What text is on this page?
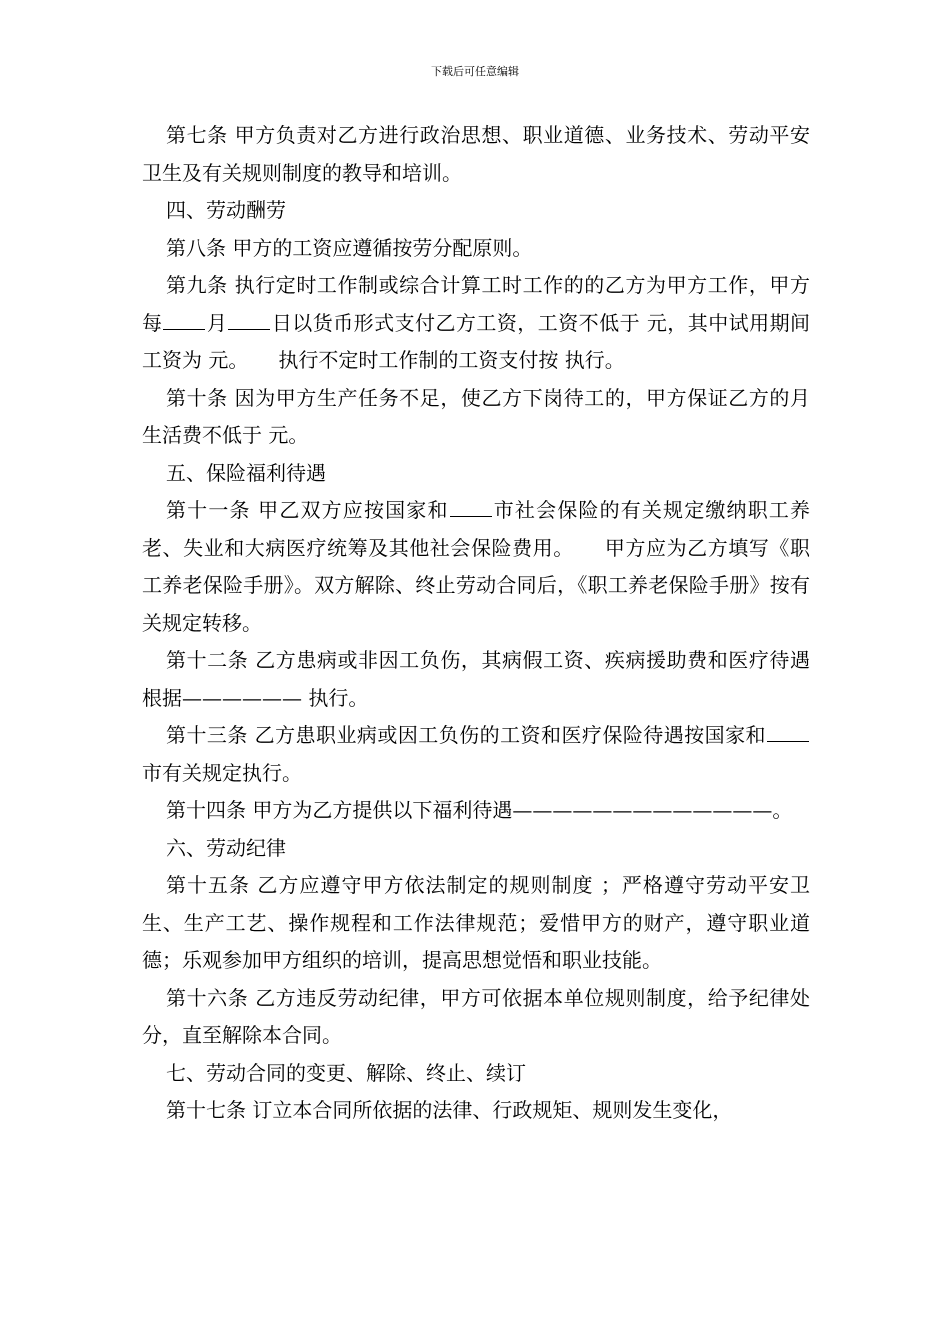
下载后可任意编辑

第七条 甲方负责对乙方进行政治思想、职业道德、业务技术、劳动平安卫生及有关规则制度的教导和培训。

四、劳动酬劳

第八条 甲方的工资应遵循按劳分配原则。

第九条 执行定时工作制或综合计算工时工作的的乙方为甲方工作，甲方每 月 日以货币形式支付乙方工资，工资不低于 元，其中试用期间工资为 元。　　执行不定时工作制的工资支付按 执行。

第十条 因为甲方生产任务不足，使乙方下岗待工的，甲方保证乙方的月生活费不低于 元。

五、保险福利待遇

第十一条 甲乙双方应按国家和 市社会保险的有关规定缴纳职工养老、失业和大病医疗统筹及其他社会保险费用。　　甲方应为乙方填写《职工养老保险手册》。双方解除、终止劳动合同后，《职工养老保险手册》按有关规定转移。

第十二条 乙方患病或非因工负伤，其病假工资、疾病援助费和医疗待遇根据—————— 执行。

第十三条 乙方患职业病或因工负伤的工资和医疗保险待遇按国家和市有关规定执行。

第十四条 甲方为乙方提供以下福利待遇—————————————。

六、劳动纪律

第十五条 乙方应遵守甲方依法制定的规则制度 ；严格遵守劳动平安卫生、生产工艺、操作规程和工作法律规范；爱惜甲方的财产，遵守职业道德；乐观参加甲方组织的培训，提高思想觉悟和职业技能。

第十六条 乙方违反劳动纪律，甲方可依据本单位规则制度，给予纪律处分，直至解除本合同。

七、劳动合同的变更、解除、终止、续订

第十七条 订立本合同所依据的法律、行政规矩、规则发生变化，
